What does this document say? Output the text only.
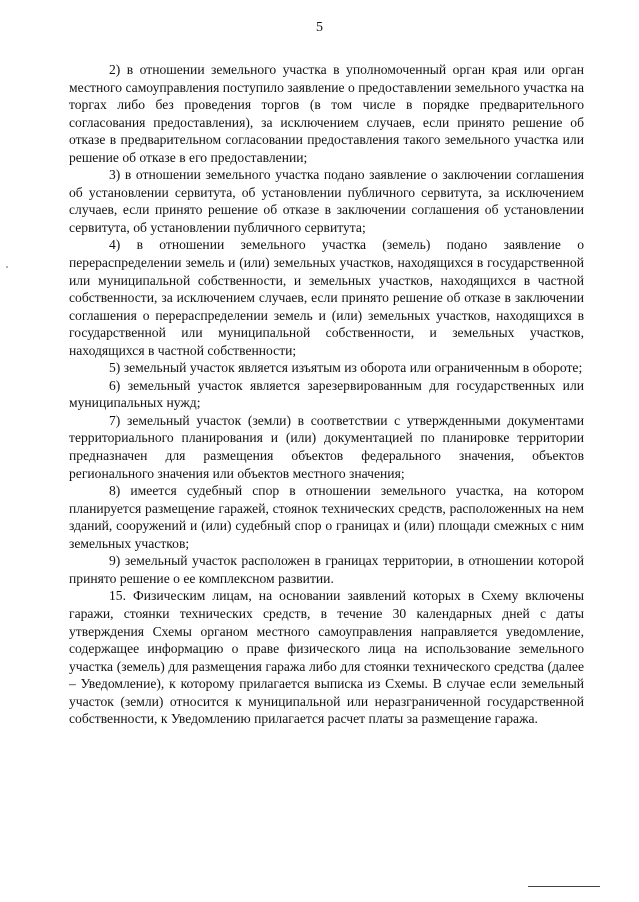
5

2) в отношении земельного участка в уполномоченный орган края или орган местного самоуправления поступило заявление о предоставлении земельного участка на торгах либо без проведения торгов (в том числе в порядке предварительного согласования предоставления), за исключением случаев, если принято решение об отказе в предварительном согласовании предоставления такого земельного участка или решение об отказе в его предоставлении;

3) в отношении земельного участка подано заявление о заключении соглашения об установлении сервитута, об установлении публичного сервитута, за исключением случаев, если принято решение об отказе в заключении соглашения об установлении сервитута, об установлении публичного сервитута;

4) в отношении земельного участка (земель) подано заявление о перераспределении земель и (или) земельных участков, находящихся в государственной или муниципальной собственности, и земельных участков, находящихся в частной собственности, за исключением случаев, если принято решение об отказе в заключении соглашения о перераспределении земель и (или) земельных участков, находящихся в государственной или муниципальной собственности, и земельных участков, находящихся в частной собственности;

5) земельный участок является изъятым из оборота или ограниченным в обороте;

6) земельный участок является зарезервированным для государственных или муниципальных нужд;

7) земельный участок (земли) в соответствии с утвержденными документами территориального планирования и (или) документацией по планировке территории предназначен для размещения объектов федерального значения, объектов регионального значения или объектов местного значения;

8) имеется судебный спор в отношении земельного участка, на котором планируется размещение гаражей, стоянок технических средств, расположенных на нем зданий, сооружений и (или) судебный спор о границах и (или) площади смежных с ним земельных участков;

9) земельный участок расположен в границах территории, в отношении которой принято решение о ее комплексном развитии.

15. Физическим лицам, на основании заявлений которых в Схему включены гаражи, стоянки технических средств, в течение 30 календарных дней с даты утверждения Схемы органом местного самоуправления направляется уведомление, содержащее информацию о праве физического лица на использование земельного участка (земель) для размещения гаража либо для стоянки технического средства (далее – Уведомление), к которому прилагается выписка из Схемы. В случае если земельный участок (земли) относится к муниципальной или неразграниченной государственной собственности, к Уведомлению прилагается расчет платы за размещение гаража.
